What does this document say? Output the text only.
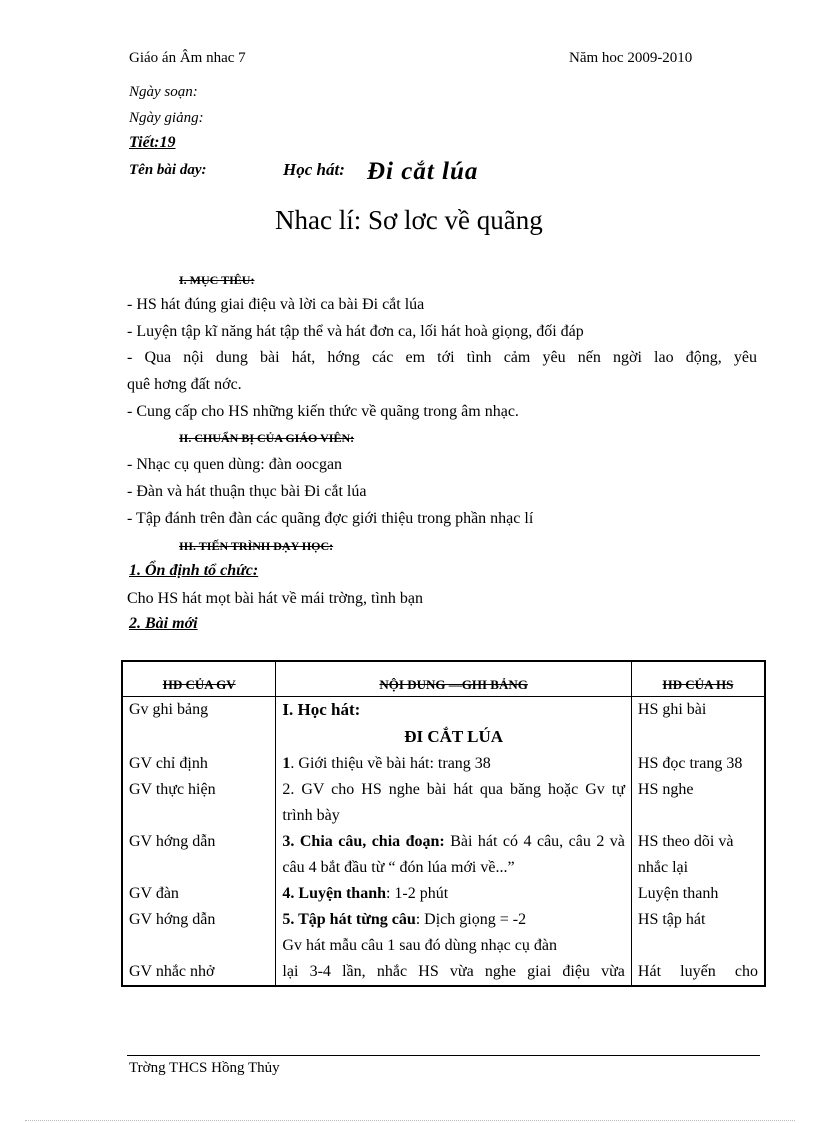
Giáo án Âm nhac 7	Năm hoc 2009-2010
Ngày soạn:
Ngày giảng:
Tiết:19
Tên bài day:	Học hát: Đi cắt lúa
Nhac lí: Sơ lơc về quãng
I. MỤC TIÊU:
- HS hát đúng giai điệu và lời ca bài Đi cắt lúa
- Luyện tập kĩ năng hát tập thể và hát đơn ca, lối hát hoà giọng, đối đáp
- Qua nội dung bài hát, hớng các em tới tình cảm yêu nến ngời lao động, yêu
quê hơng đất nớc.
- Cung cấp cho HS những kiến thức về quãng trong âm nhạc.
II. CHUẨN BỊ CỦA GIÁO VIÊN:
- Nhạc cụ quen dùng: đàn oocgan
- Đàn và hát thuận thục bài Đi cắt lúa
- Tập đánh trên đàn các quãng đợc giới thiệu trong phần nhạc lí
III. TIẾN TRÌNH DẠY HỌC:
1. Ổn định tổ chức:
Cho HS hát mọt bài hát về mái trờng, tình bạn
2. Bài mới
HĐ CỦA GV	NỘI DUNG —GHI BẢNG	HĐ CỦA HS
Gv ghi bảng	I. Học hát:	HS ghi bài
	ĐI CẮT LÚA	
GV chỉ định	1. Giới thiệu về bài hát: trang 38	HS đọc trang 38
GV thực hiện	2. GV cho HS nghe bài hát qua băng hoặc Gv tự trình bày	HS nghe
GV hớng dẫn	3. Chia câu, chia đoạn: Bài hát có 4 câu, câu 2 và câu 4 bắt đầu từ “ đón lúa mới về...”	HS theo dõi và nhắc lại
GV đàn	4. Luyện thanh: 1-2 phút	Luyện thanh
GV hớng dẫn	5. Tập hát từng câu: Dịch giọng = -2	HS tập hát
	Gv hát mẫu câu 1 sau đó dùng nhạc cụ đàn	
GV nhắc nhở	lại 3-4 lần, nhắc HS vừa nghe giai điệu vừa	Hát luyến cho
Trờng THCS Hồng Thủy
